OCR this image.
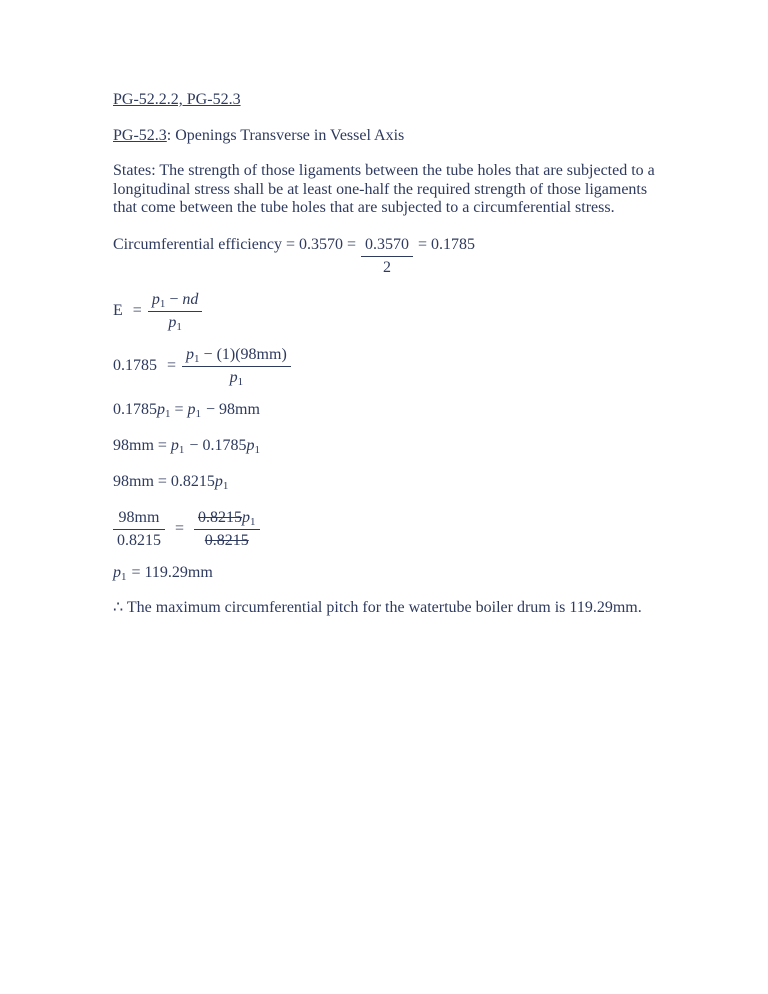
PG-52.2.2, PG-52.3

PG-52.3: Openings Transverse in Vessel Axis

States: The strength of those ligaments between the tube holes that are subjected to a longitudinal stress shall be at least one-half the required strength of those ligaments that come between the tube holes that are subjected to a circumferential stress.

Circumferential efficiency = $0.3570 = \frac{0.3570}{2} = 0.1785$
$E = \frac{p_1 - nd}{p_1}$
$0.1785 = \frac{p_1 - (1)(98mm)}{p_1}$

$0.1785p_1 = p_1 - 98mm$

$98mm = p_1 - 0.1785p_1$

$98mm = 0.8215p_1$

$\frac{98mm}{0.8215} = \frac{0.8215p_1}{0.8215}$

$p_1 = 119.29mm$

∴ The maximum circumferential pitch for the watertube boiler drum is 119.29mm.
